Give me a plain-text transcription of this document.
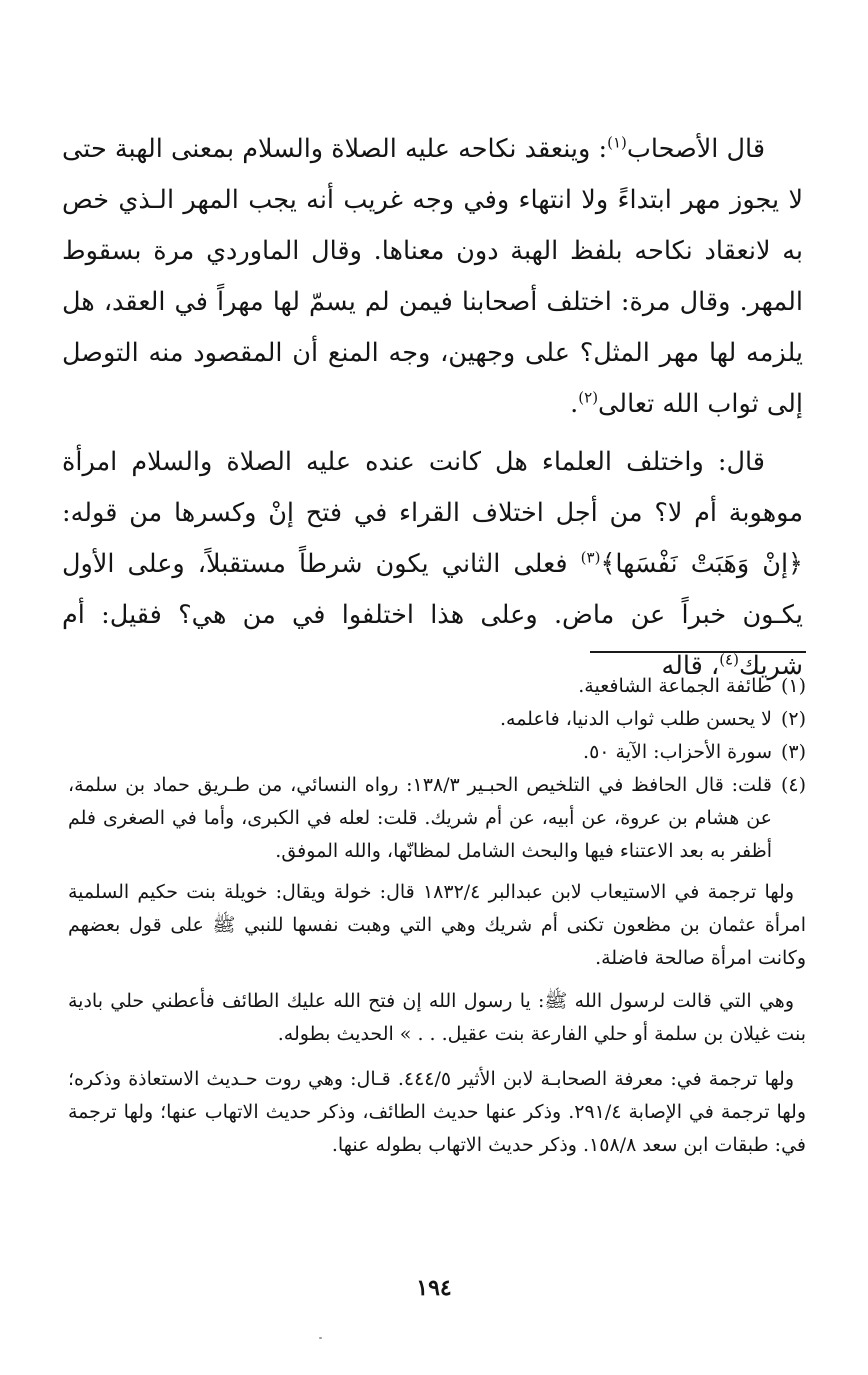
قال الأصحاب$^{(١)}$: وينعقد نكاحه عليه الصلاة والسلام بمعنى الهبة حتى لا يجوز مهر ابتداءً ولا انتهاء وفي وجه غريب أنه يجب المهر الـذي خص به لانعقاد نكاحه بلفظ الهبة دون معناها. وقال الماوردي مرة بسقوط المهر. وقال مرة: اختلف أصحابنا فيمن لم يسمّ لها مهراً في العقد، هل يلزمه لها مهر المثل؟ على وجهين، وجه المنع أن المقصود منه التوصل إلى ثواب الله تعالى$^{(٢)}$.

قال: واختلف العلماء هل كانت عنده عليه الصلاة والسلام امرأة موهوبة أم لا؟ من أجل اختلاف القراء في فتح إنْ وكسرها من قوله: ﴿إنْ وَهَبَتْ نَفْسَها﴾$^{(٣)}$ فعلى الثاني يكون شرطاً مستقبلاً، وعلى الأول يكـون خبراً عن ماض. وعلى هذا اختلفوا في من هي؟ فقيل: أم شريك$^{(٤)}$، قاله

(١)
طائفة الجماعة الشافعية.
(٢)
لا يحسن طلب ثواب الدنيا، فاعلمه.
(٣)
سورة الأحزاب: الآية ٥٠.
(٤)
قلت: قال الحافظ في التلخيص الحبـير ١٣٨/٣: رواه النسائي، من طـريق حماد بن سلمة، عن هشام بن عروة، عن أبيه، عن أم شريك. قلت: لعله في الكبرى، وأما في الصغرى فلم أظفر به بعد الاعتناء فيها والبحث الشامل لمظانّها، والله الموفق.

ولها ترجمة في الاستيعاب لابن عبدالبر ١٨٣٢/٤ قال: خولة ويقال: خويلة بنت حكيم السلمية امرأة عثمان بن مظعون تكنى أم شريك وهي التي وهبت نفسها للنبي ﷺ على قول بعضهم وكانت امرأة صالحة فاضلة.

وهي التي قالت لرسول الله ﷺ: يا رسول الله إن فتح الله عليك الطائف فأعطني حلي بادية بنت غيلان بن سلمة أو حلي الفارعة بنت عقيل. . . » الحديث بطوله.

ولها ترجمة في: معرفة الصحابـة لابن الأثير ٤٤٤/٥. قـال: وهي روت حـديث الاستعاذة وذكره؛ ولها ترجمة في الإصابة ٢٩١/٤. وذكر عنها حديث الطائف، وذكر حديث الاتهاب عنها؛ ولها ترجمة في: طبقات ابن سعد ١٥٨/٨. وذكر حديث الاتهاب بطوله عنها.

١٩٤
